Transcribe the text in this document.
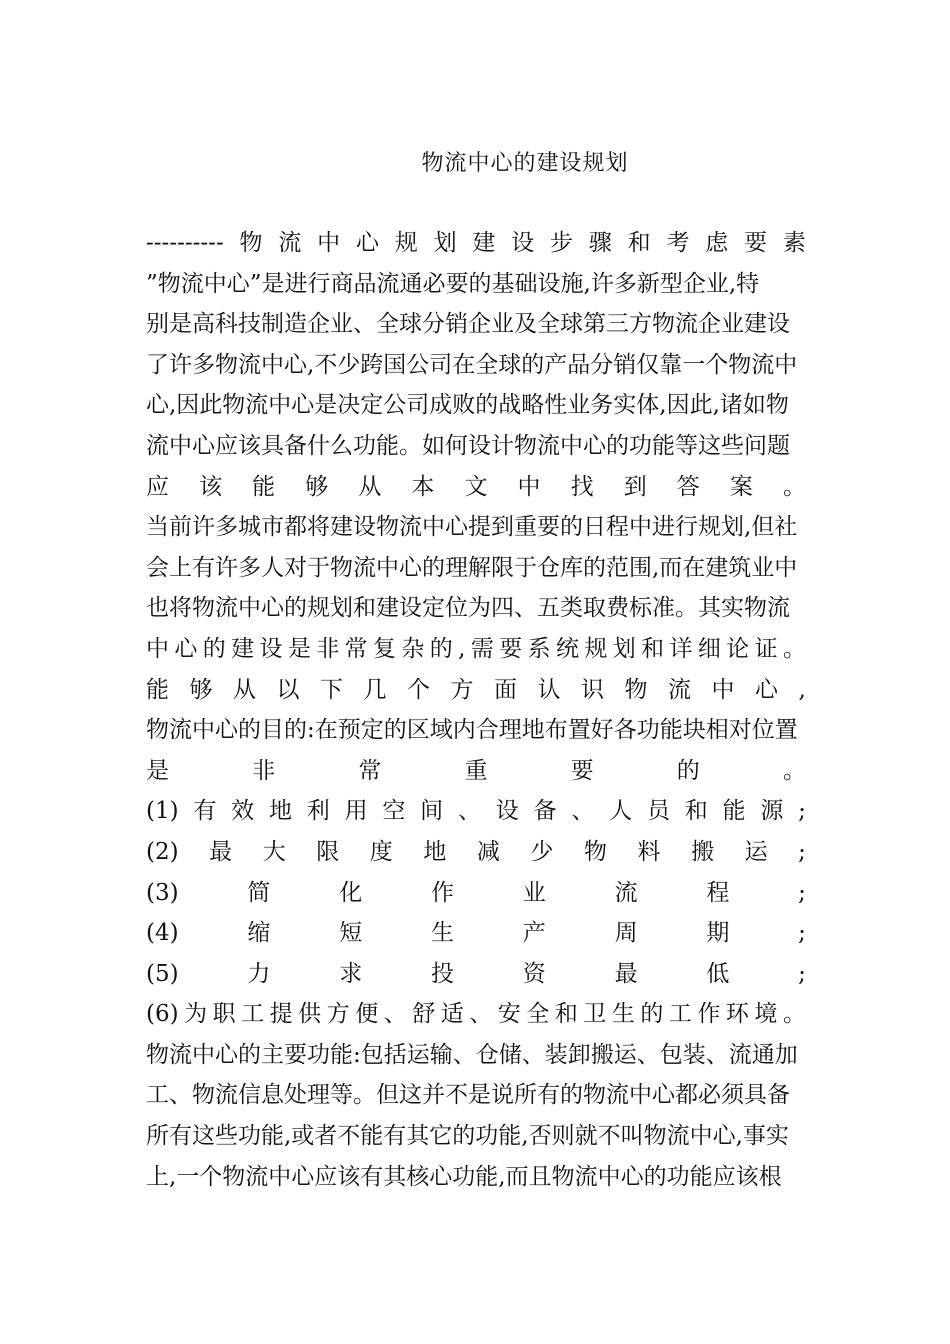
物流中心的建设规划
---------- 物 流 中 心 规 划 建 设 步 骤 和 考 虑 要 素
”物流中心”是进行商品流通必要的基础设施,许多新型企业,特
别是高科技制造企业、全球分销企业及全球第三方物流企业建设
了许多物流中心,不少跨国公司在全球的产品分销仅靠一个物流中
心,因此物流中心是决定公司成败的战略性业务实体,因此,诸如物
流中心应该具备什么功能。如何设计物流中心的功能等这些问题
应 该 能 够 从 本 文 中 找 到 答 案 。
当前许多城市都将建设物流中心提到重要的日程中进行规划,但社
会上有许多人对于物流中心的理解限于仓库的范围,而在建筑业中
也将物流中心的规划和建设定位为四、五类取费标准。其实物流
中 心 的 建 设 是 非 常 复 杂 的 , 需 要 系 统 规 划 和 详 细 论 证 。
能 够 从 以 下 几 个 方 面 认 识 物 流 中 心 ,
物流中心的目的:在预定的区域内合理地布置好各功能块相对位置
是	非	常	重	要	的	。
(1) 有 效 地 利 用 空 间 、 设 备 、 人 员 和 能 源 ;
(2) 最 大 限 度 地 减 少 物 料 搬 运 ;
(3)	简	化	作	业	流	程	;
(4)	缩	短	生	产	周	期	;
(5)	力	求	投	资	最	低	;
(6) 为 职 工 提 供 方 便 、 舒 适 、 安 全 和 卫 生 的 工 作 环 境 。
物流中心的主要功能:包括运输、仓储、装卸搬运、包装、流通加
工、物流信息处理等。但这并不是说所有的物流中心都必须具备
所有这些功能,或者不能有其它的功能,否则就不叫物流中心,事实
上,一个物流中心应该有其核心功能,而且物流中心的功能应该根
